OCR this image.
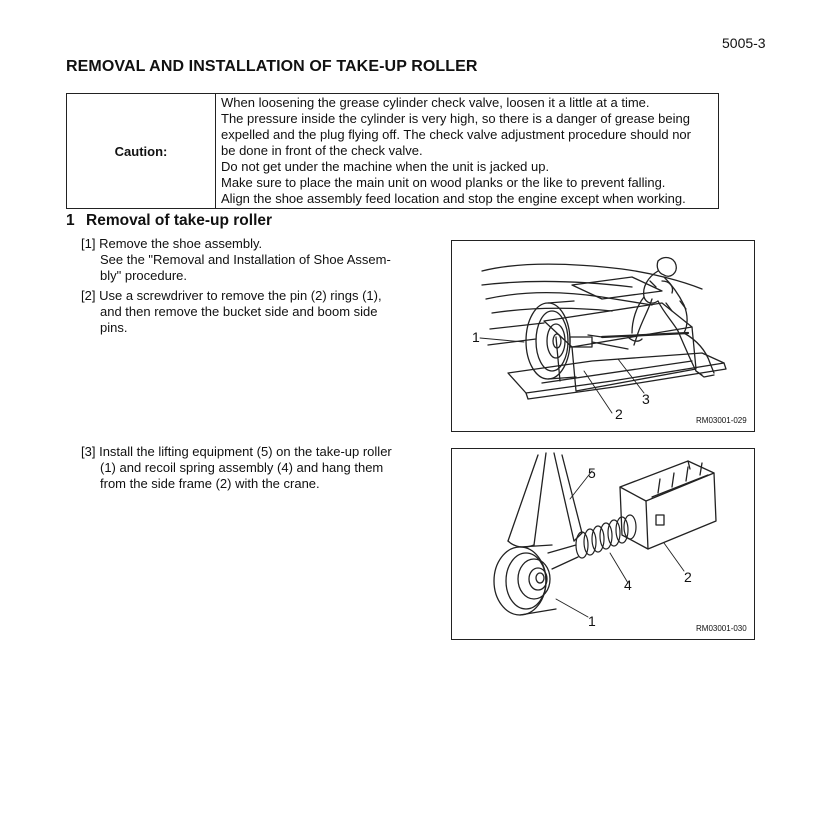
5005-3
REMOVAL AND INSTALLATION OF TAKE-UP ROLLER
Caution:	
When loosening the grease cylinder check valve, loosen it a little at a time.
The pressure inside the cylinder is very high, so there is a danger of grease being
expelled and the plug flying off. The check valve adjustment procedure should nor
be done in front of the check valve.
Do not get under the machine when the unit is jacked up.
Make sure to place the main unit on wood planks or the like to prevent falling.
Align the shoe assembly feed location and stop the engine except when working.
1 Removal of take-up roller
[1] Remove the shoe assembly.
See the "Removal and Installation of Shoe Assem-
bly" procedure.
[2] Use a screwdriver to remove the pin (2) rings (1),
and then remove the bucket side and boom side
pins.
[3] Install the lifting equipment (5) on the take-up roller
(1) and recoil spring assembly (4) and hang them
from the side frame (2) with the crane.
1
2
3
RM03001-029
5
2
4
1	RM03001-030
